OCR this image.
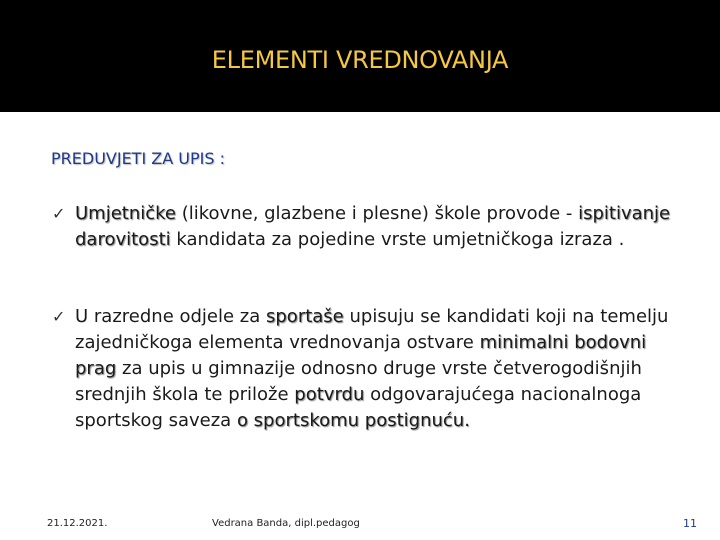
ELEMENTI VREDNOVANJA
PREDUVJETI ZA UPIS :
✓ Umjetničke (likovne, glazbene i plesne) škole provode - ispitivanje darovitosti kandidata za pojedine vrste umjetničkoga izraza .
✓ U razredne odjele za sportaše upisuju se kandidati koji na temelju zajedničkoga elementa vrednovanja ostvare minimalni bodovni prag za upis u gimnazije odnosno druge vrste četverogodišnjih srednjih škola te prilože potvrdu odgovarajućega nacionalnoga sportskog saveza o sportskomu postignuću.
21.12.2021.	Vedrana Banda, dipl.pedagog	11
